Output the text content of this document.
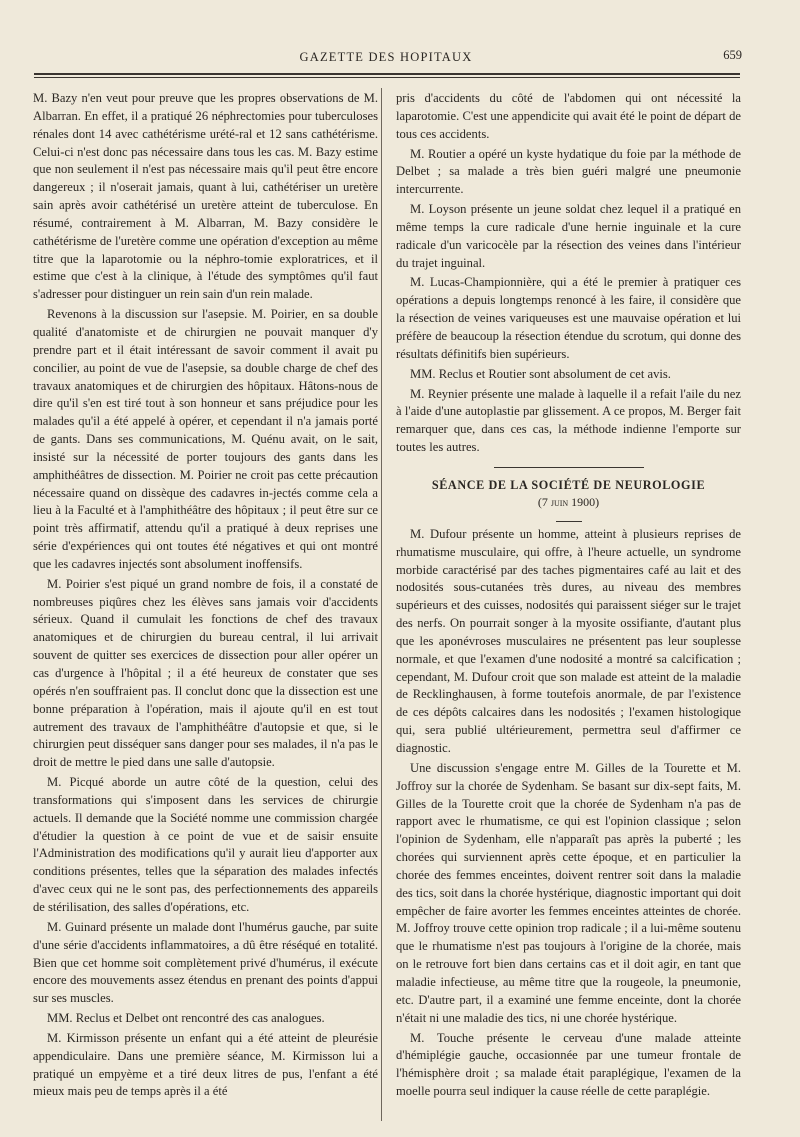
GAZETTE DES HOPITAUX	659

M. Bazy n'en veut pour preuve que les propres observations de M. Albarran. En effet, il a pratiqué 26 néphrectomies pour tuberculoses rénales dont 14 avec cathétérisme urété-ral et 12 sans cathétérisme. Celui-ci n'est donc pas nécessaire dans tous les cas. M. Bazy estime que non seulement il n'est pas nécessaire mais qu'il peut être encore dangereux ; il n'oserait jamais, quant à lui, cathétériser un uretère sain après avoir cathétérisé un uretère atteint de tuberculose. En résumé, contrairement à M. Albarran, M. Bazy considère le cathétérisme de l'uretère comme une opération d'exception au même titre que la laparotomie ou la néphro-tomie exploratrices, et il estime que c'est à la clinique, à l'étude des symptômes qu'il faut s'adresser pour distinguer un rein sain d'un rein malade.

Revenons à la discussion sur l'asepsie. M. Poirier, en sa double qualité d'anatomiste et de chirurgien ne pouvait manquer d'y prendre part et il était intéressant de savoir comment il avait pu concilier, au point de vue de l'asepsie, sa double charge de chef des travaux anatomiques et de chirurgien des hôpitaux. Hâtons-nous de dire qu'il s'en est tiré tout à son honneur et sans préjudice pour les malades qu'il a été appelé à opérer, et cependant il n'a jamais porté de gants. Dans ses communications, M. Quénu avait, on le sait, insisté sur la nécessité de porter toujours des gants dans les amphithéâtres de dissection. M. Poirier ne croit pas cette précaution nécessaire quand on dissèque des cadavres in-jectés comme cela a lieu à la Faculté et à l'amphithéâtre des hôpitaux ; il peut être sur ce point très affirmatif, attendu qu'il a pratiqué à deux reprises une série d'expériences qui ont toutes été négatives et qui ont montré que les cadavres injectés sont absolument inoffensifs.

M. Poirier s'est piqué un grand nombre de fois, il a constaté de nombreuses piqûres chez les élèves sans jamais voir d'accidents sérieux. Quand il cumulait les fonctions de chef des travaux anatomiques et de chirurgien du bureau central, il lui arrivait souvent de quitter ses exercices de dissection pour aller opérer un cas d'urgence à l'hôpital ; il a été heureux de constater que ses opérés n'en souffraient pas. Il conclut donc que la dissection est une bonne préparation à l'opération, mais il ajoute qu'il en est tout autrement des travaux de l'amphithéâtre d'autopsie et que, si le chirurgien peut disséquer sans danger pour ses malades, il n'a pas le droit de mettre le pied dans une salle d'autopsie.

M. Picqué aborde un autre côté de la question, celui des transformations qui s'imposent dans les services de chirurgie actuels. Il demande que la Société nomme une commission chargée d'étudier la question à ce point de vue et de saisir ensuite l'Administration des modifications qu'il y aurait lieu d'apporter aux conditions présentes, telles que la séparation des malades infectés d'avec ceux qui ne le sont pas, des perfectionnements des appareils de stérilisation, des salles d'opérations, etc.

M. Guinard présente un malade dont l'humérus gauche, par suite d'une série d'accidents inflammatoires, a dû être réséqué en totalité. Bien que cet homme soit complètement privé d'humérus, il exécute encore des mouvements assez étendus en prenant des points d'appui sur ses muscles.

MM. Reclus et Delbet ont rencontré des cas analogues.

M. Kirmisson présente un enfant qui a été atteint de pleurésie appendiculaire. Dans une première séance, M. Kirmisson lui a pratiqué un empyème et a tiré deux litres de pus, l'enfant a été mieux mais peu de temps après il a été

pris d'accidents du côté de l'abdomen qui ont nécessité la laparotomie. C'est une appendicite qui avait été le point de départ de tous ces accidents.

M. Routier a opéré un kyste hydatique du foie par la méthode de Delbet ; sa malade a très bien guéri malgré une pneumonie intercurrente.

M. Loyson présente un jeune soldat chez lequel il a pratiqué en même temps la cure radicale d'une hernie inguinale et la cure radicale d'un varicocèle par la résection des veines dans l'intérieur du trajet inguinal.

M. Lucas-Championnière, qui a été le premier à pratiquer ces opérations a depuis longtemps renoncé à les faire, il considère que la résection de veines variqueuses est une mauvaise opération et lui préfère de beaucoup la résection étendue du scrotum, qui donne des résultats définitifs bien supérieurs.

MM. Reclus et Routier sont absolument de cet avis.

M. Reynier présente une malade à laquelle il a refait l'aile du nez à l'aide d'une autoplastie par glissement. A ce propos, M. Berger fait remarquer que, dans ces cas, la méthode indienne l'emporte sur toutes les autres.

SÉANCE DE LA SOCIÉTÉ DE NEUROLOGIE
(7 juin 1900)

M. Dufour présente un homme, atteint à plusieurs reprises de rhumatisme musculaire, qui offre, à l'heure actuelle, un syndrome morbide caractérisé par des taches pigmentaires café au lait et des nodosités sous-cutanées très dures, au niveau des membres supérieurs et des cuisses, nodosités qui paraissent siéger sur le trajet des nerfs. On pourrait songer à la myosite ossifiante, d'autant plus que les aponévroses musculaires ne présentent pas leur souplesse normale, et que l'examen d'une nodosité a montré sa calcification ; cependant, M. Dufour croit que son malade est atteint de la maladie de Recklinghausen, à forme toutefois anormale, de par l'existence de ces dépôts calcaires dans les nodosités ; l'examen histologique qui, sera publié ultérieurement, permettra seul d'affirmer ce diagnostic.

Une discussion s'engage entre M. Gilles de la Tourette et M. Joffroy sur la chorée de Sydenham. Se basant sur dix-sept faits, M. Gilles de la Tourette croit que la chorée de Sydenham n'a pas de rapport avec le rhumatisme, ce qui est l'opinion classique ; selon l'opinion de Sydenham, elle n'apparaît pas après la puberté ; les chorées qui surviennent après cette époque, et en particulier la chorée des femmes enceintes, doivent rentrer soit dans la maladie des tics, soit dans la chorée hystérique, diagnostic important qui doit empêcher de faire avorter les femmes enceintes atteintes de chorée. M. Joffroy trouve cette opinion trop radicale ; il a lui-même soutenu que le rhumatisme n'est pas toujours à l'origine de la chorée, mais on le retrouve fort bien dans certains cas et il doit agir, en tant que maladie infectieuse, au même titre que la rougeole, la pneumonie, etc. D'autre part, il a examiné une femme enceinte, dont la chorée n'était ni une maladie des tics, ni une chorée hystérique.

M. Touche présente le cerveau d'une malade atteinte d'hémiplégie gauche, occasionnée par une tumeur frontale de l'hémisphère droit ; sa malade était paraplégique, l'examen de la moelle pourra seul indiquer la cause réelle de cette paraplégie.
